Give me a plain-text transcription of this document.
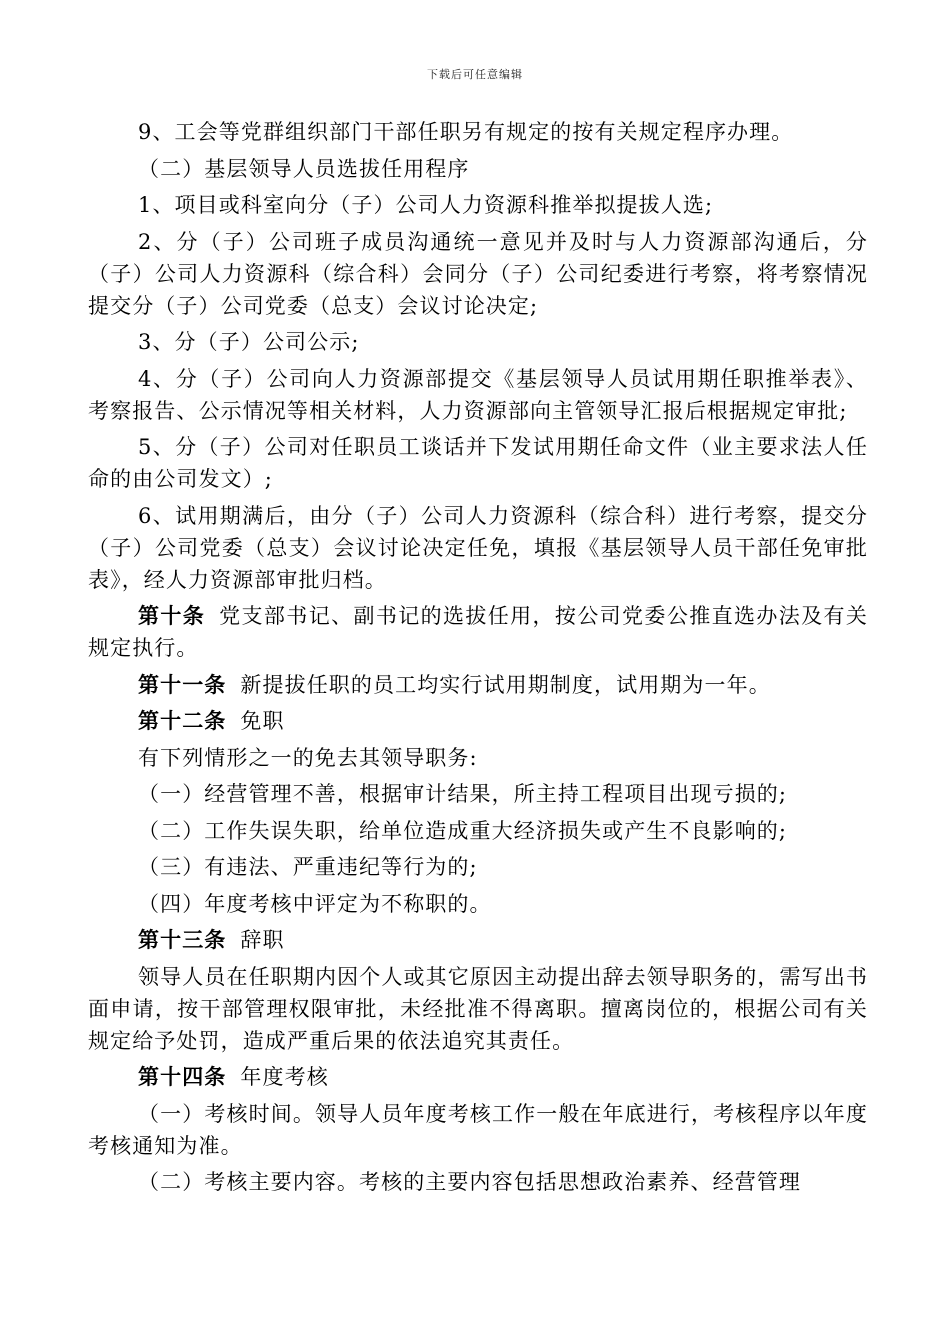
下载后可任意编辑

9、工会等党群组织部门干部任职另有规定的按有关规定程序办理。

（二）基层领导人员选拔任用程序

1、项目或科室向分（子）公司人力资源科推举拟提拔人选;

2、分（子）公司班子成员沟通统一意见并及时与人力资源部沟通后，分（子）公司人力资源科（综合科）会同分（子）公司纪委进行考察，将考察情况提交分（子）公司党委（总支）会议讨论决定;

3、分（子）公司公示;

4、分（子）公司向人力资源部提交《基层领导人员试用期任职推举表》、考察报告、公示情况等相关材料，人力资源部向主管领导汇报后根据规定审批;

5、分（子）公司对任职员工谈话并下发试用期任命文件（业主要求法人任命的由公司发文）;

6、试用期满后，由分（子）公司人力资源科（综合科）进行考察，提交分（子）公司党委（总支）会议讨论决定任免，填报《基层领导人员干部任免审批表》，经人力资源部审批归档。

第十条 党支部书记、副书记的选拔任用，按公司党委公推直选办法及有关规定执行。

第十一条 新提拔任职的员工均实行试用期制度，试用期为一年。

第十二条 免职

有下列情形之一的免去其领导职务:

（一）经营管理不善，根据审计结果，所主持工程项目出现亏损的;

（二）工作失误失职，给单位造成重大经济损失或产生不良影响的;

（三）有违法、严重违纪等行为的;

（四）年度考核中评定为不称职的。

第十三条 辞职

领导人员在任职期内因个人或其它原因主动提出辞去领导职务的，需写出书面申请，按干部管理权限审批，未经批准不得离职。擅离岗位的，根据公司有关规定给予处罚，造成严重后果的依法追究其责任。

第十四条 年度考核

（一）考核时间。领导人员年度考核工作一般在年底进行，考核程序以年度考核通知为准。

（二）考核主要内容。考核的主要内容包括思想政治素养、经营管理
